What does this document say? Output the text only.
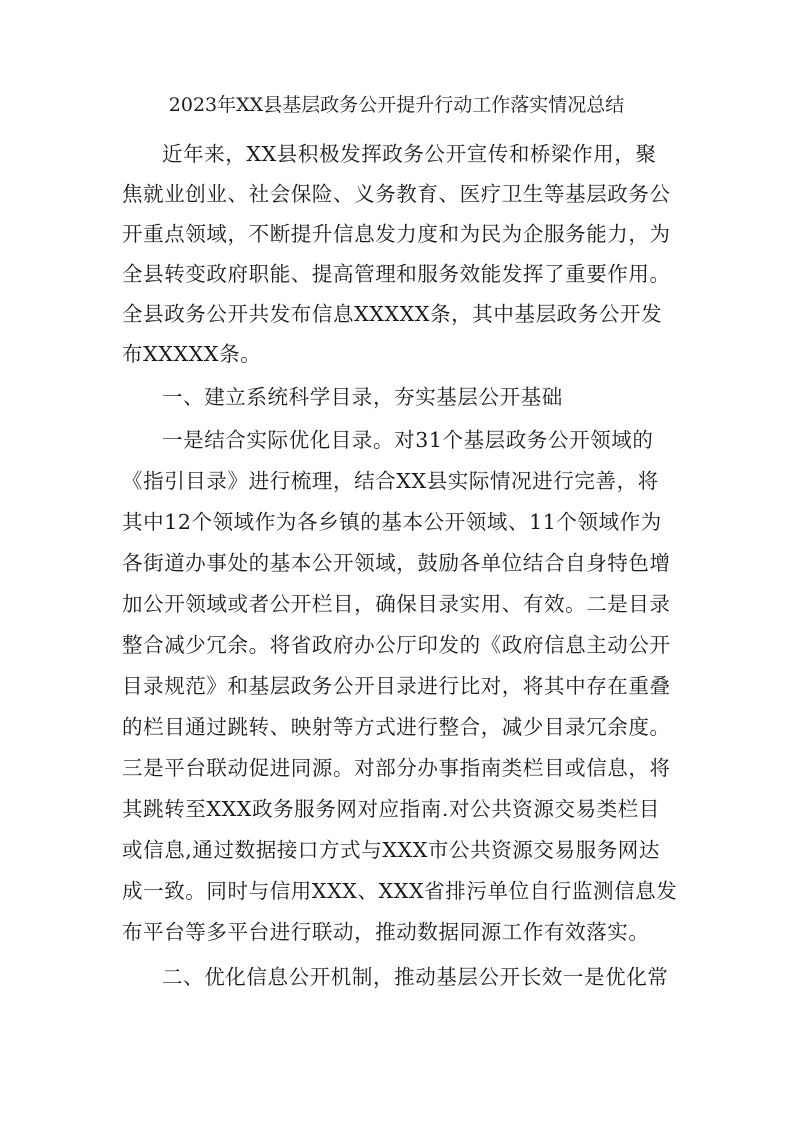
2023年XX县基层政务公开提升行动工作落实情况总结
近年来，XX县积极发挥政务公开宣传和桥梁作用，聚
焦就业创业、社会保险、义务教育、医疗卫生等基层政务公
开重点领域，不断提升信息发力度和为民为企服务能力，为
全县转变政府职能、提高管理和服务效能发挥了重要作用。
全县政务公开共发布信息XXXXX条，其中基层政务公开发
布XXXXX条。
一、建立系统科学目录，夯实基层公开基础
一是结合实际优化目录。对31个基层政务公开领域的
《指引目录》进行梳理，结合XX县实际情况进行完善，将
其中12个领域作为各乡镇的基本公开领域、11个领域作为
各街道办事处的基本公开领域，鼓励各单位结合自身特色增
加公开领域或者公开栏目，确保目录实用、有效。二是目录
整合减少冗余。将省政府办公厅印发的《政府信息主动公开
目录规范》和基层政务公开目录进行比对，将其中存在重叠
的栏目通过跳转、映射等方式进行整合，减少目录冗余度。
三是平台联动促进同源。对部分办事指南类栏目或信息，将
其跳转至XXX政务服务网对应指南.对公共资源交易类栏目
或信息,通过数据接口方式与XXX市公共资源交易服务网达
成一致。同时与信用XXX、XXX省排污单位自行监测信息发
布平台等多平台进行联动，推动数据同源工作有效落实。
二、优化信息公开机制，推动基层公开长效一是优化常
